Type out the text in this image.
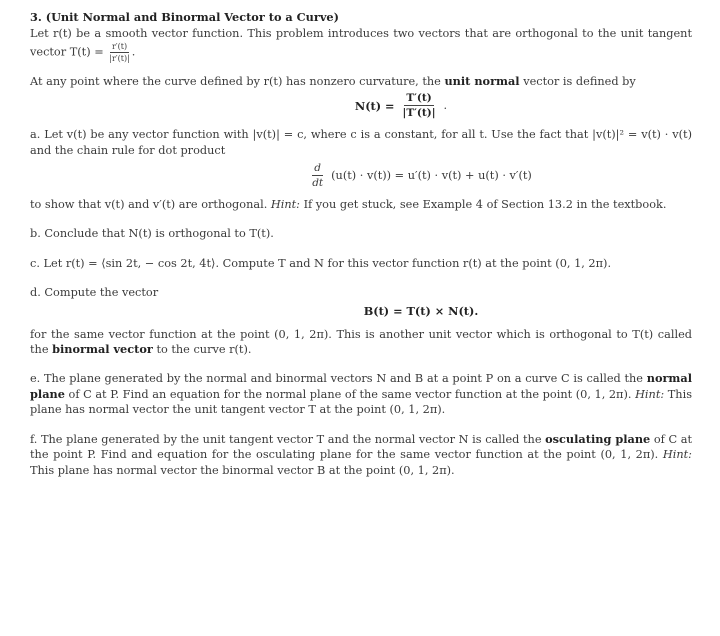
3. (Unit Normal and Binormal Vector to a Curve)

Let r(t) be a smooth vector function. This problem introduces two vectors that are orthogonal to the unit tangent vector $T(t) = \frac{r'(t)}{|r'(t)|}$ .

At any point where the curve defined by r(t) has nonzero curvature, the unit normal vector is defined by

$N(t) = \frac{T'(t)}{|T'(t)|}$ .

a. Let v(t) be any vector function with |v(t)| = c, where c is a constant, for all t. Use the fact that |v(t)|² = v(t) · v(t) and the chain rule for dot product

$\frac{d}{dt} (u(t) \cdot v(t)) = u'(t) \cdot v(t) + u(t) \cdot v'(t)$

to show that v(t) and v′(t) are orthogonal. Hint: If you get stuck, see Example 4 of Section 13.2 in the textbook.

b. Conclude that N(t) is orthogonal to T(t).

c. Let r(t) = ⟨sin 2t, − cos 2t, 4t⟩. Compute T and N for this vector function r(t) at the point (0, 1, 2π).

d. Compute the vector

B(t) = T(t) × N(t).

for the same vector function at the point (0, 1, 2π). This is another unit vector which is orthogonal to T(t) called the binormal vector to the curve r(t).

e. The plane generated by the normal and binormal vectors N and B at a point P on a curve C is called the normal plane of C at P. Find an equation for the normal plane of the same vector function at the point (0, 1, 2π). Hint: This plane has normal vector the unit tangent vector T at the point (0, 1, 2π).

f. The plane generated by the unit tangent vector T and the normal vector N is called the osculating plane of C at the point P. Find and equation for the osculating plane for the same vector function at the point (0, 1, 2π). Hint: This plane has normal vector the binormal vector B at the point (0, 1, 2π).
